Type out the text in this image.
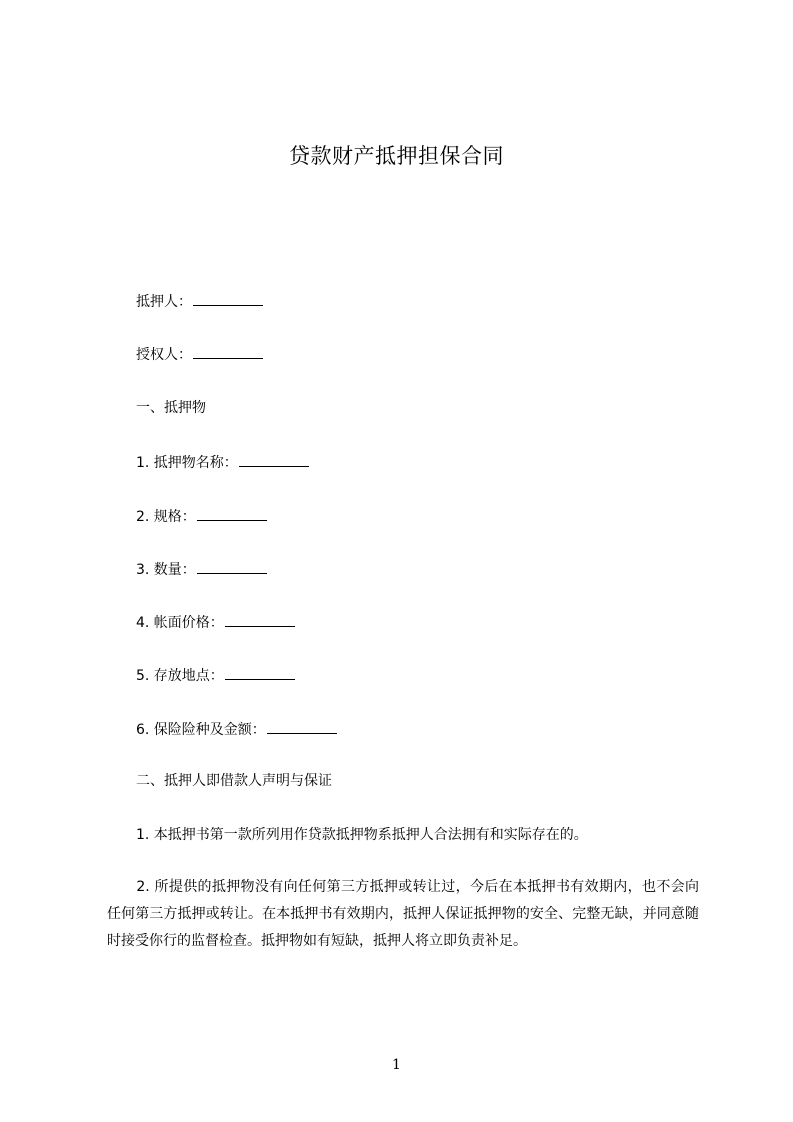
贷款财产抵押担保合同
抵押人：
授权人：
一、抵押物
1. 抵押物名称：
2. 规格：
3. 数量：
4. 帐面价格：
5. 存放地点：
6. 保险险种及金额：
二、抵押人即借款人声明与保证
1. 本抵押书第一款所列用作贷款抵押物系抵押人合法拥有和实际存在的。
2. 所提供的抵押物没有向任何第三方抵押或转让过，今后在本抵押书有效期内，也不会向任何第三方抵押或转让。在本抵押书有效期内，抵押人保证抵押物的安全、完整无缺，并同意随时接受你行的监督检查。抵押物如有短缺，抵押人将立即负责补足。
1
